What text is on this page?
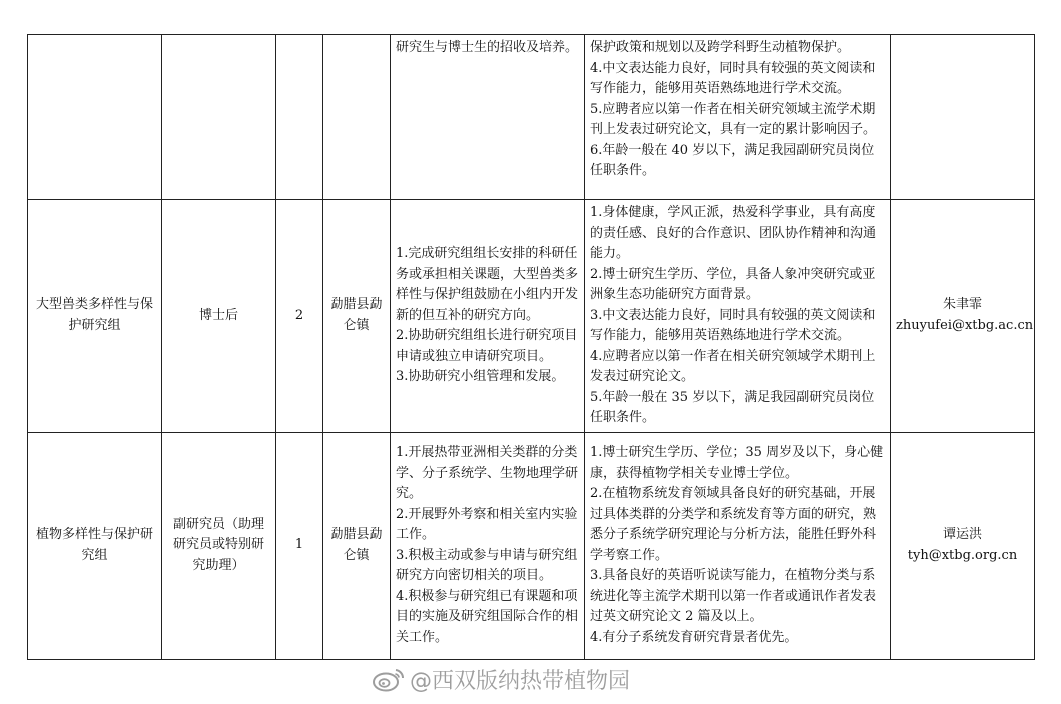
				研究生与博士生的招收及培养。	保护政策和规划以及跨学科野生动植物保护。
4.中文表达能力良好，同时具有较强的英文阅读和写作能力，能够用英语熟练地进行学术交流。
5.应聘者应以第一作者在相关研究领域主流学术期刊上发表过研究论文，具有一定的累计影响因子。
6.年龄一般在 40 岁以下，满足我园副研究员岗位任职条件。	

大型兽类多样性与保护研究组	博士后	2	勐腊县勐仑镇	1.完成研究组组长安排的科研任务或承担相关课题，大型兽类多样性与保护组鼓励在小组内开发新的但互补的研究方向。
2.协助研究组组长进行研究项目申请或独立申请研究项目。
3.协助研究小组管理和发展。	1.身体健康，学风正派，热爱科学事业，具有高度的责任感、良好的合作意识、团队协作精神和沟通能力。
2.博士研究生学历、学位，具备人象冲突研究或亚洲象生态功能研究方面背景。
3.中文表达能力良好，同时具有较强的英文阅读和写作能力，能够用英语熟练地进行学术交流。
4.应聘者应以第一作者在相关研究领域学术期刊上发表过研究论文。
5.年龄一般在 35 岁以下，满足我园副研究员岗位任职条件。	朱聿霏
zhuyufei@xtbg.ac.cn

植物多样性与保护研究组	副研究员（助理研究员或特别研究助理）	1	勐腊县勐仑镇	1.开展热带亚洲相关类群的分类学、分子系统学、生物地理学研究。
2.开展野外考察和相关室内实验工作。
3.积极主动或参与申请与研究组研究方向密切相关的项目。
4.积极参与研究组已有课题和项目的实施及研究组国际合作的相关工作。	1.博士研究生学历、学位；35 周岁及以下，身心健康，获得植物学相关专业博士学位。
2.在植物系统发育领域具备良好的研究基础，开展过具体类群的分类学和系统发育等方面的研究，熟悉分子系统学研究理论与分析方法，能胜任野外科学考察工作。
3.具备良好的英语听说读写能力，在植物分类与系统进化等主流学术期刊以第一作者或通讯作者发表过英文研究论文 2 篇及以上。
4.有分子系统发育研究背景者优先。	谭运洪
tyh@xtbg.org.cn
@西双版纳热带植物园
